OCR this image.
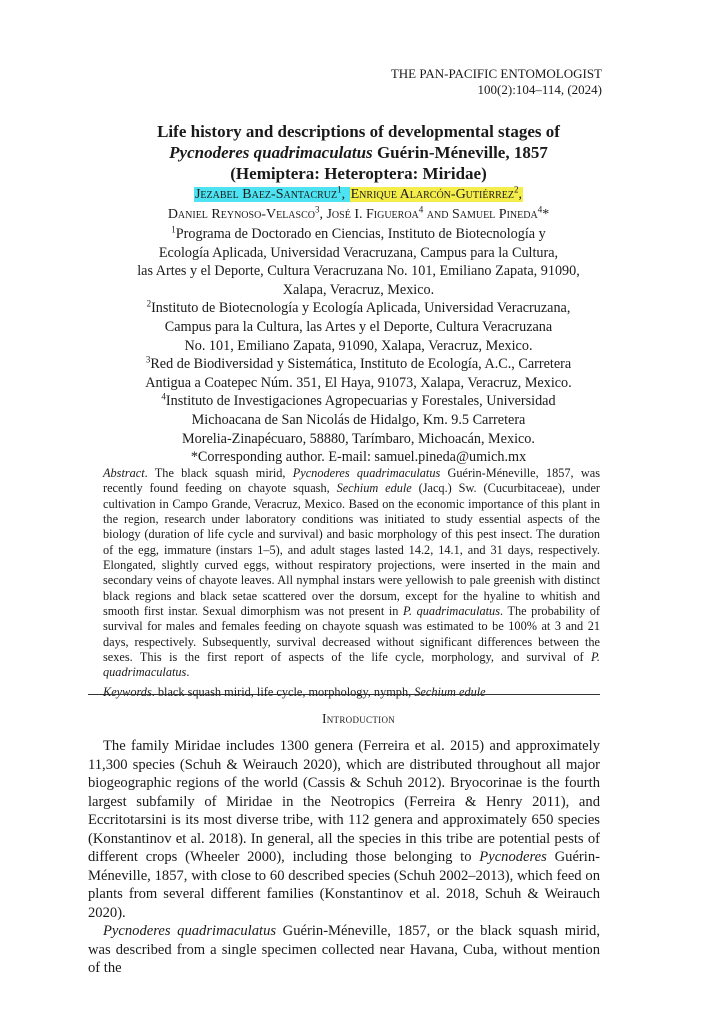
THE PAN-PACIFIC ENTOMOLOGIST
100(2):104–114, (2024)
Life history and descriptions of developmental stages of
Pycnoderes quadrimaculatus Guérin-Méneville, 1857
(Hemiptera: Heteroptera: Miridae)
Jezabel Baez-Santacruz$^1$, Enrique Alarcón-Gutiérrez$^2$,
Daniel Reynoso-Velasco$^3$, José I. Figueroa$^4$ and Samuel Pineda$^4$*

$^1$Programa de Doctorado en Ciencias, Instituto de Biotecnología y

Ecología Aplicada, Universidad Veracruzana, Campus para la Cultura,

las Artes y el Deporte, Cultura Veracruzana No. 101, Emiliano Zapata, 91090,

Xalapa, Veracruz, Mexico.

$^2$Instituto de Biotecnología y Ecología Aplicada, Universidad Veracruzana,

Campus para la Cultura, las Artes y el Deporte, Cultura Veracruzana

No. 101, Emiliano Zapata, 91090, Xalapa, Veracruz, Mexico.

$^3$Red de Biodiversidad y Sistemática, Instituto de Ecología, A.C., Carretera

Antigua a Coatepec Núm. 351, El Haya, 91073, Xalapa, Veracruz, Mexico.

$^4$Instituto de Investigaciones Agropecuarias y Forestales, Universidad

Michoacana de San Nicolás de Hidalgo, Km. 9.5 Carretera

Morelia-Zinapécuaro, 58880, Tarímbaro, Michoacán, Mexico.

*Corresponding author. E-mail: samuel.pineda@umich.mx

Abstract. The black squash mirid, Pycnoderes quadrimaculatus Guérin-Méneville, 1857, was recently found feeding on chayote squash, Sechium edule (Jacq.) Sw. (Cucurbitaceae), under cultivation in Campo Grande, Veracruz, Mexico. Based on the economic importance of this plant in the region, research under laboratory conditions was initiated to study essential aspects of the biology (duration of life cycle and survival) and basic morphology of this pest insect. The duration of the egg, immature (instars 1–5), and adult stages lasted 14.2, 14.1, and 31 days, respectively. Elongated, slightly curved eggs, without respiratory projections, were inserted in the main and secondary veins of chayote leaves. All nymphal instars were yellowish to pale greenish with distinct black regions and black setae scattered over the dorsum, except for the hyaline to whitish and smooth first instar. Sexual dimorphism was not present in P. quadrimaculatus. The probability of survival for males and females feeding on chayote squash was estimated to be 100% at 3 and 21 days, respectively. Subsequently, survival decreased without significant differences between the sexes. This is the first report of aspects of the life cycle, morphology, and survival of P. quadrimaculatus.

Keywords. black squash mirid, life cycle, morphology, nymph, Sechium edule

Introduction

The family Miridae includes 1300 genera (Ferreira et al. 2015) and approximately 11,300 species (Schuh & Weirauch 2020), which are distributed throughout all major biogeographic regions of the world (Cassis & Schuh 2012). Bryocorinae is the fourth largest subfamily of Miridae in the Neotropics (Ferreira & Henry 2011), and Eccritotarsini is its most diverse tribe, with 112 genera and approximately 650 species (Konstantinov et al. 2018). In general, all the species in this tribe are potential pests of different crops (Wheeler 2000), including those belonging to Pycnoderes Guérin-Méneville, 1857, with close to 60 described species (Schuh 2002–2013), which feed on plants from several different families (Konstantinov et al. 2018, Schuh & Weirauch 2020).

Pycnoderes quadrimaculatus Guérin-Méneville, 1857, or the black squash mirid, was described from a single specimen collected near Havana, Cuba, without mention of the
